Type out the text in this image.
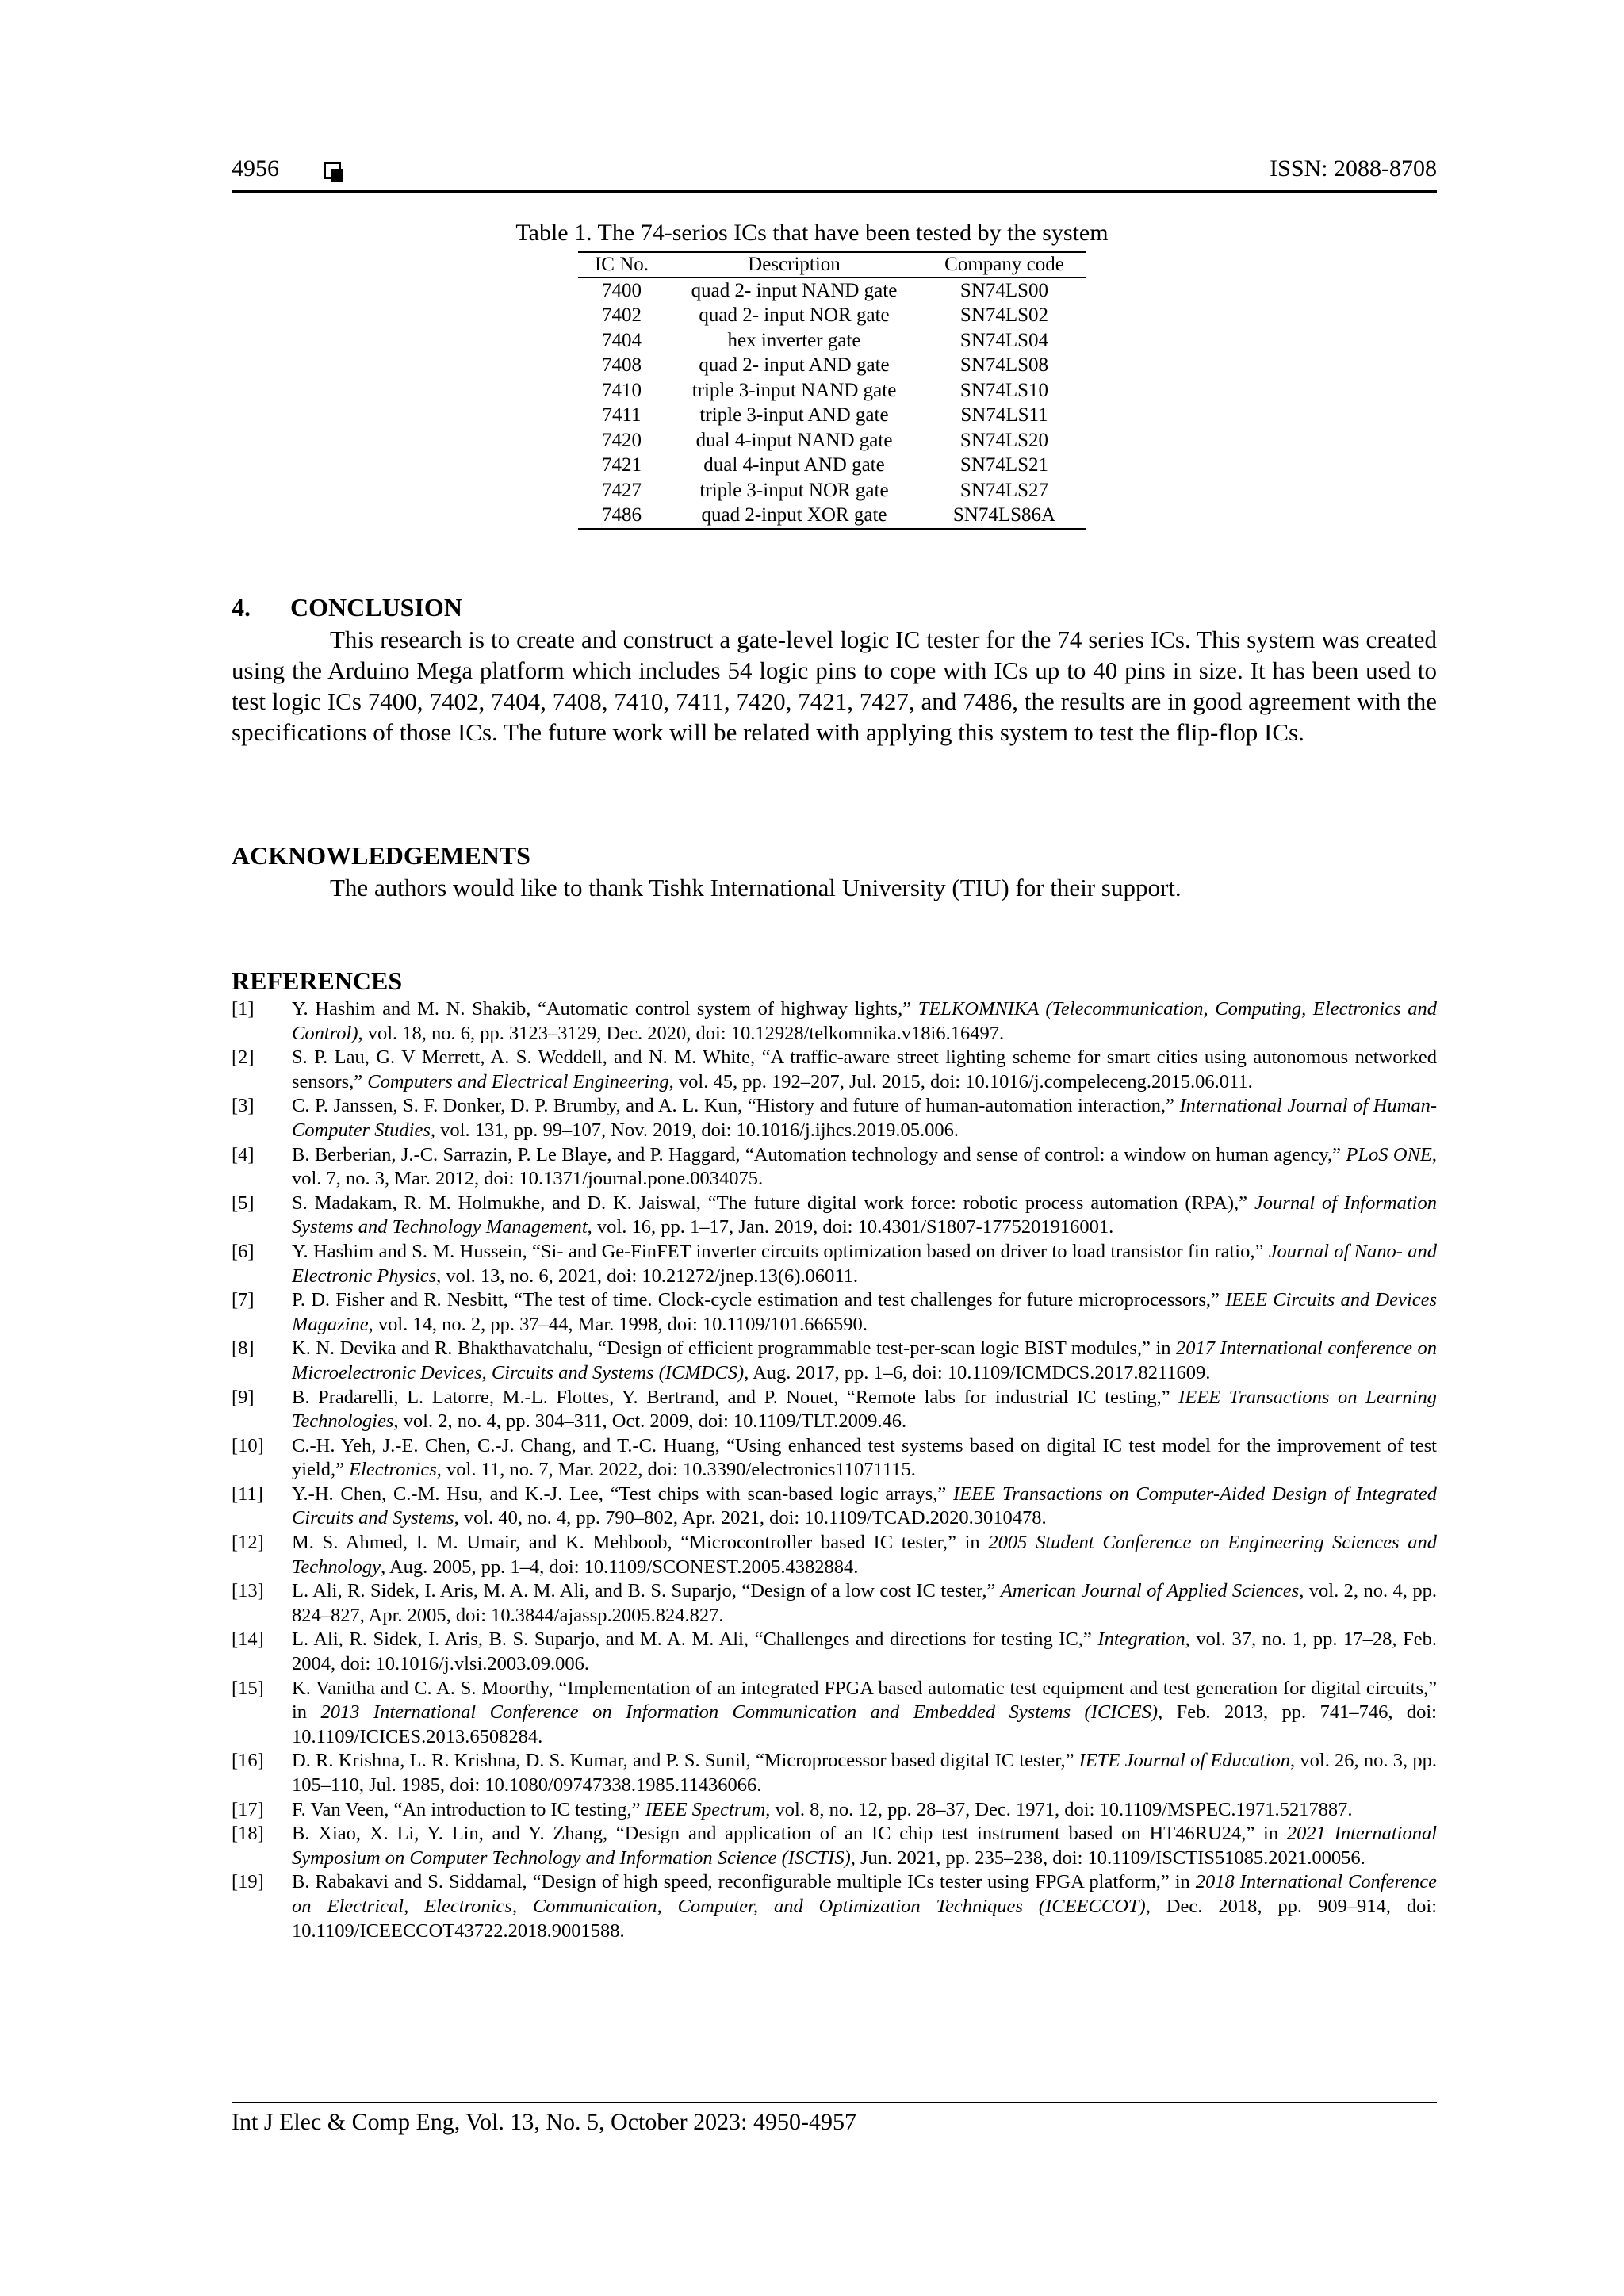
4956	ISSN: 2088-8708
Table 1. The 74-serios ICs that have been tested by the system
IC No.	Description	Company code
7400	quad 2- input NAND gate	SN74LS00
7402	quad 2- input NOR gate	SN74LS02
7404	hex inverter gate	SN74LS04
7408	quad 2- input AND gate	SN74LS08
7410	triple 3-input NAND gate	SN74LS10
7411	triple 3-input AND gate	SN74LS11
7420	dual 4-input NAND gate	SN74LS20
7421	dual 4-input AND gate	SN74LS21
7427	triple 3-input NOR gate	SN74LS27
7486	quad 2-input XOR gate	SN74LS86A
4. CONCLUSION
This research is to create and construct a gate-level logic IC tester for the 74 series ICs. This system was created using the Arduino Mega platform which includes 54 logic pins to cope with ICs up to 40 pins in size. It has been used to test logic ICs 7400, 7402, 7404, 7408, 7410, 7411, 7420, 7421, 7427, and 7486, the results are in good agreement with the specifications of those ICs. The future work will be related with applying this system to test the flip-flop ICs.
ACKNOWLEDGEMENTS
The authors would like to thank Tishk International University (TIU) for their support.
REFERENCES
[1] Y. Hashim and M. N. Shakib, “Automatic control system of highway lights,” TELKOMNIKA (Telecommunication, Computing, Electronics and Control), vol. 18, no. 6, pp. 3123–3129, Dec. 2020, doi: 10.12928/telkomnika.v18i6.16497.
[2] S. P. Lau, G. V Merrett, A. S. Weddell, and N. M. White, “A traffic-aware street lighting scheme for smart cities using autonomous networked sensors,” Computers and Electrical Engineering, vol. 45, pp. 192–207, Jul. 2015, doi: 10.1016/j.compeleceng.2015.06.011.
[3] C. P. Janssen, S. F. Donker, D. P. Brumby, and A. L. Kun, “History and future of human-automation interaction,” International Journal of Human-Computer Studies, vol. 131, pp. 99–107, Nov. 2019, doi: 10.1016/j.ijhcs.2019.05.006.
[4] B. Berberian, J.-C. Sarrazin, P. Le Blaye, and P. Haggard, “Automation technology and sense of control: a window on human agency,” PLoS ONE, vol. 7, no. 3, Mar. 2012, doi: 10.1371/journal.pone.0034075.
[5] S. Madakam, R. M. Holmukhe, and D. K. Jaiswal, “The future digital work force: robotic process automation (RPA),” Journal of Information Systems and Technology Management, vol. 16, pp. 1–17, Jan. 2019, doi: 10.4301/S1807-1775201916001.
[6] Y. Hashim and S. M. Hussein, “Si- and Ge-FinFET inverter circuits optimization based on driver to load transistor fin ratio,” Journal of Nano- and Electronic Physics, vol. 13, no. 6, 2021, doi: 10.21272/jnep.13(6).06011.
[7] P. D. Fisher and R. Nesbitt, “The test of time. Clock-cycle estimation and test challenges for future microprocessors,” IEEE Circuits and Devices Magazine, vol. 14, no. 2, pp. 37–44, Mar. 1998, doi: 10.1109/101.666590.
[8] K. N. Devika and R. Bhakthavatchalu, “Design of efficient programmable test-per-scan logic BIST modules,” in 2017 International conference on Microelectronic Devices, Circuits and Systems (ICMDCS), Aug. 2017, pp. 1–6, doi: 10.1109/ICMDCS.2017.8211609.
[9] B. Pradarelli, L. Latorre, M.-L. Flottes, Y. Bertrand, and P. Nouet, “Remote labs for industrial IC testing,” IEEE Transactions on Learning Technologies, vol. 2, no. 4, pp. 304–311, Oct. 2009, doi: 10.1109/TLT.2009.46.
[10] C.-H. Yeh, J.-E. Chen, C.-J. Chang, and T.-C. Huang, “Using enhanced test systems based on digital IC test model for the improvement of test yield,” Electronics, vol. 11, no. 7, Mar. 2022, doi: 10.3390/electronics11071115.
[11] Y.-H. Chen, C.-M. Hsu, and K.-J. Lee, “Test chips with scan-based logic arrays,” IEEE Transactions on Computer-Aided Design of Integrated Circuits and Systems, vol. 40, no. 4, pp. 790–802, Apr. 2021, doi: 10.1109/TCAD.2020.3010478.
[12] M. S. Ahmed, I. M. Umair, and K. Mehboob, “Microcontroller based IC tester,” in 2005 Student Conference on Engineering Sciences and Technology, Aug. 2005, pp. 1–4, doi: 10.1109/SCONEST.2005.4382884.
[13] L. Ali, R. Sidek, I. Aris, M. A. M. Ali, and B. S. Suparjo, “Design of a low cost IC tester,” American Journal of Applied Sciences, vol. 2, no. 4, pp. 824–827, Apr. 2005, doi: 10.3844/ajassp.2005.824.827.
[14] L. Ali, R. Sidek, I. Aris, B. S. Suparjo, and M. A. M. Ali, “Challenges and directions for testing IC,” Integration, vol. 37, no. 1, pp. 17–28, Feb. 2004, doi: 10.1016/j.vlsi.2003.09.006.
[15] K. Vanitha and C. A. S. Moorthy, “Implementation of an integrated FPGA based automatic test equipment and test generation for digital circuits,” in 2013 International Conference on Information Communication and Embedded Systems (ICICES), Feb. 2013, pp. 741–746, doi: 10.1109/ICICES.2013.6508284.
[16] D. R. Krishna, L. R. Krishna, D. S. Kumar, and P. S. Sunil, “Microprocessor based digital IC tester,” IETE Journal of Education, vol. 26, no. 3, pp. 105–110, Jul. 1985, doi: 10.1080/09747338.1985.11436066.
[17] F. Van Veen, “An introduction to IC testing,” IEEE Spectrum, vol. 8, no. 12, pp. 28–37, Dec. 1971, doi: 10.1109/MSPEC.1971.5217887.
[18] B. Xiao, X. Li, Y. Lin, and Y. Zhang, “Design and application of an IC chip test instrument based on HT46RU24,” in 2021 International Symposium on Computer Technology and Information Science (ISCTIS), Jun. 2021, pp. 235–238, doi: 10.1109/ISCTIS51085.2021.00056.
[19] B. Rabakavi and S. Siddamal, “Design of high speed, reconfigurable multiple ICs tester using FPGA platform,” in 2018 International Conference on Electrical, Electronics, Communication, Computer, and Optimization Techniques (ICEECCOT), Dec. 2018, pp. 909–914, doi: 10.1109/ICEECCOT43722.2018.9001588.
Int J Elec & Comp Eng, Vol. 13, No. 5, October 2023: 4950-4957
